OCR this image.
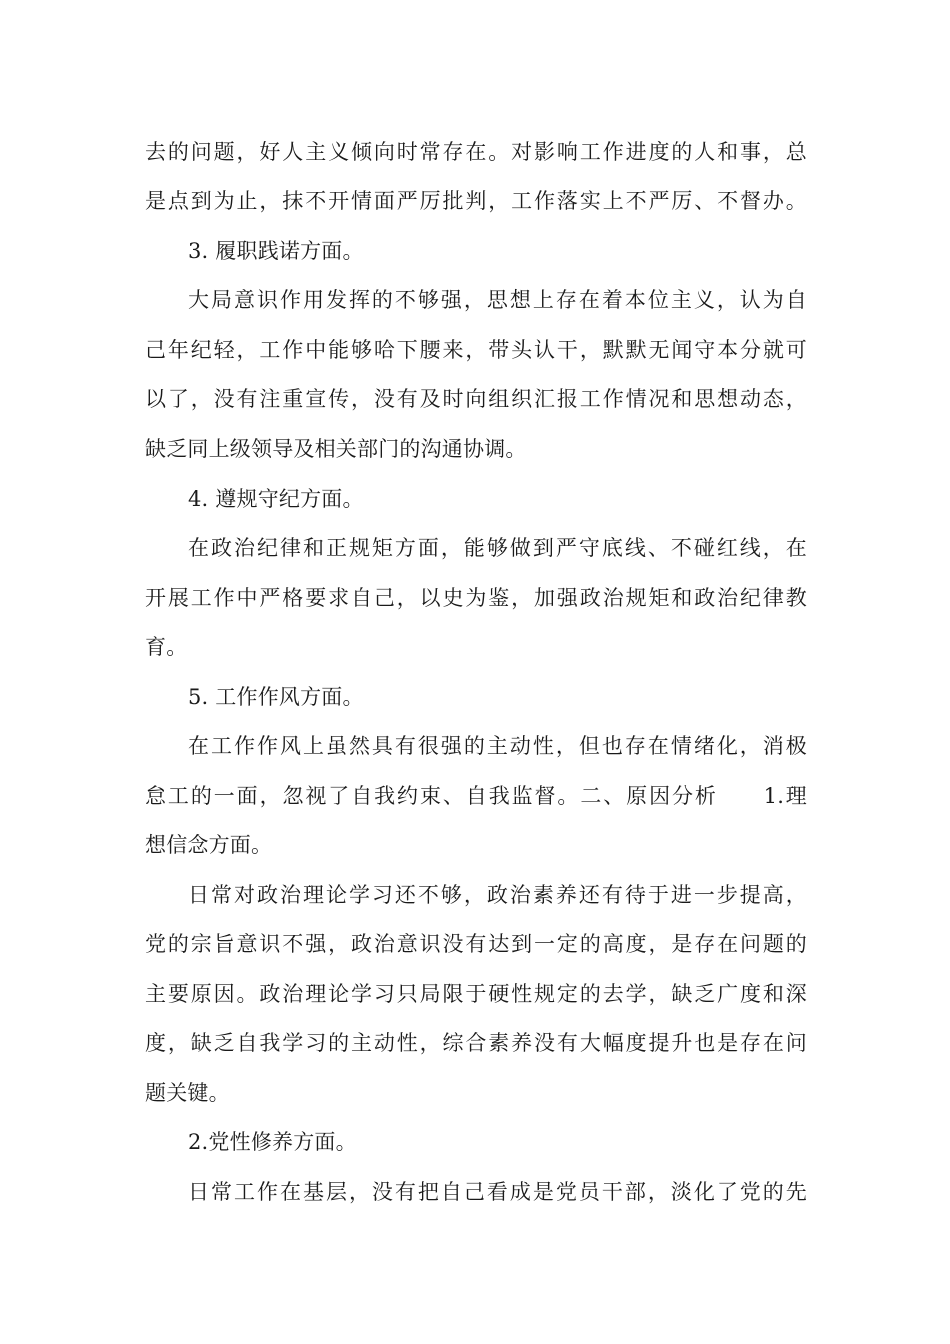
去的问题，好人主义倾向时常存在。对影响工作进度的人和事，总
是点到为止，抹不开情面严厉批判，工作落实上不严厉、不督办。
3. 履职践诺方面。
大局意识作用发挥的不够强，思想上存在着本位主义，认为自
己年纪轻，工作中能够哈下腰来，带头认干，默默无闻守本分就可
以了，没有注重宣传，没有及时向组织汇报工作情况和思想动态，
缺乏同上级领导及相关部门的沟通协调。
4. 遵规守纪方面。
在政治纪律和正规矩方面，能够做到严守底线、不碰红线，在
开展工作中严格要求自己，以史为鉴，加强政治规矩和政治纪律教
育。
5. 工作作风方面。
在工作作风上虽然具有很强的主动性，但也存在情绪化，消极
怠工的一面，忽视了自我约束、自我监督。二、原因分析　　1.理
想信念方面。
日常对政治理论学习还不够，政治素养还有待于进一步提高，
党的宗旨意识不强，政治意识没有达到一定的高度，是存在问题的
主要原因。政治理论学习只局限于硬性规定的去学，缺乏广度和深
度，缺乏自我学习的主动性，综合素养没有大幅度提升也是存在问
题关键。
2.党性修养方面。
日常工作在基层，没有把自己看成是党员干部，淡化了党的先
